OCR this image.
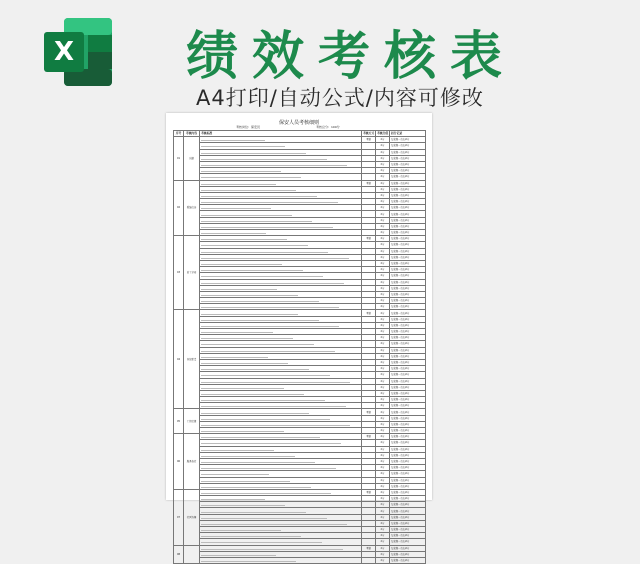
X 绩效考核表
A4打印/自动公式/内容可修改
保安人员考核细则
考核岗位：保安员	考核总分：100分
序号	考核内容	考核标准	考核方式	考核分值	扣分记录
01	出勤		考勤	2分	每发现一次扣2分

				2分	每发现一次扣2分

				2分	每发现一次扣2分

				2分	每发现一次扣2分

				2分	每发现一次扣2分

				2分	每发现一次扣2分

				2分	每发现一次扣2分
02	着装仪容		考勤	2分	每发现一次扣2分

				2分	每发现一次扣2分

				2分	每发现一次扣2分

				2分	每发现一次扣2分

				2分	每发现一次扣2分

				2分	每发现一次扣2分

				2分	每发现一次扣2分

				2分	每发现一次扣2分

				2分	每发现一次扣2分
03	员工守则		考勤	2分	每发现一次扣2分

				2分	每发现一次扣2分

				2分	每发现一次扣2分

				2分	每发现一次扣2分

				2分	每发现一次扣2分

				2分	每发现一次扣2分

				2分	每发现一次扣2分

				2分	每发现一次扣2分

				2分	每发现一次扣2分

				2分	每发现一次扣2分

				2分	每发现一次扣2分

				2分	每发现一次扣2分
04	岗位职责		考勤	2分	每发现一次扣2分

				2分	每发现一次扣2分

				2分	每发现一次扣2分

				2分	每发现一次扣2分

				2分	每发现一次扣2分

				2分	每发现一次扣2分

				2分	每发现一次扣2分

				2分	每发现一次扣2分

				2分	每发现一次扣2分

				2分	每发现一次扣2分

				2分	每发现一次扣2分

				2分	每发现一次扣2分

				2分	每发现一次扣2分

				2分	每发现一次扣2分

				2分	每发现一次扣2分

				2分	每发现一次扣2分
05	工作纪律		考勤	2分	每发现一次扣2分

				2分	每发现一次扣2分

				2分	每发现一次扣2分

				2分	每发现一次扣2分
06	服务态度		考勤	2分	每发现一次扣2分

				2分	每发现一次扣2分

				2分	每发现一次扣2分

				2分	每发现一次扣2分

				2分	每发现一次扣2分

				2分	每发现一次扣2分

				2分	每发现一次扣2分

				2分	每发现一次扣2分

				2分	每发现一次扣2分
07	社区协调		考勤	2分	每发现一次扣2分

				2分	每发现一次扣2分

				2分	每发现一次扣2分

				2分	每发现一次扣2分

				2分	每发现一次扣2分

				2分	每发现一次扣2分

				2分	每发现一次扣2分

				2分	每发现一次扣2分

				2分	每发现一次扣2分
08			考勤	2分	每发现一次扣2分

				2分	每发现一次扣2分

				2分	每发现一次扣2分
